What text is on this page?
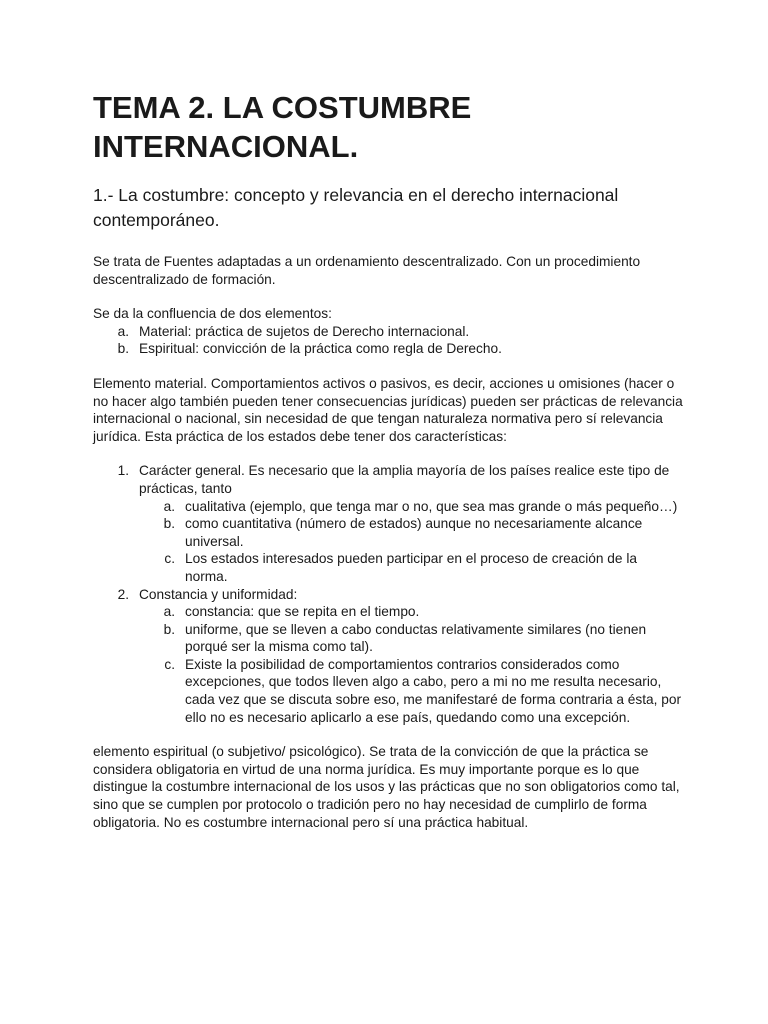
TEMA 2. LA COSTUMBRE INTERNACIONAL.
1.- La costumbre: concepto y relevancia en el derecho internacional contemporáneo.

Se trata de Fuentes adaptadas a un ordenamiento descentralizado. Con un procedimiento descentralizado de formación.

Se da la confluencia de dos elementos:

a. Material: práctica de sujetos de Derecho internacional.
b. Espiritual: convicción de la práctica como regla de Derecho.

Elemento material. Comportamientos activos o pasivos, es decir, acciones u omisiones (hacer o no hacer algo también pueden tener consecuencias jurídicas) pueden ser prácticas de relevancia internacional o nacional, sin necesidad de que tengan naturaleza normativa pero sí relevancia jurídica. Esta práctica de los estados debe tener dos características:

1. Carácter general. Es necesario que la amplia mayoría de los países realice este tipo de prácticas, tanto
a. cualitativa (ejemplo, que tenga mar o no, que sea mas grande o más pequeño…)
b. como cuantitativa (número de estados) aunque no necesariamente alcance universal.
c. Los estados interesados pueden participar en el proceso de creación de la norma.
2. Constancia y uniformidad:
a. constancia: que se repita en el tiempo.
b. uniforme, que se lleven a cabo conductas relativamente similares (no tienen porqué ser la misma como tal).
c. Existe la posibilidad de comportamientos contrarios considerados como excepciones, que todos lleven algo a cabo, pero a mi no me resulta necesario, cada vez que se discuta sobre eso, me manifestaré de forma contraria a ésta, por ello no es necesario aplicarlo a ese país, quedando como una excepción.

elemento espiritual (o subjetivo/ psicológico). Se trata de la convicción de que la práctica se considera obligatoria en virtud de una norma jurídica. Es muy importante porque es lo que distingue la costumbre internacional de los usos y las prácticas que no son obligatorios como tal, sino que se cumplen por protocolo o tradición pero no hay necesidad de cumplirlo de forma obligatoria. No es costumbre internacional pero sí una práctica habitual.
